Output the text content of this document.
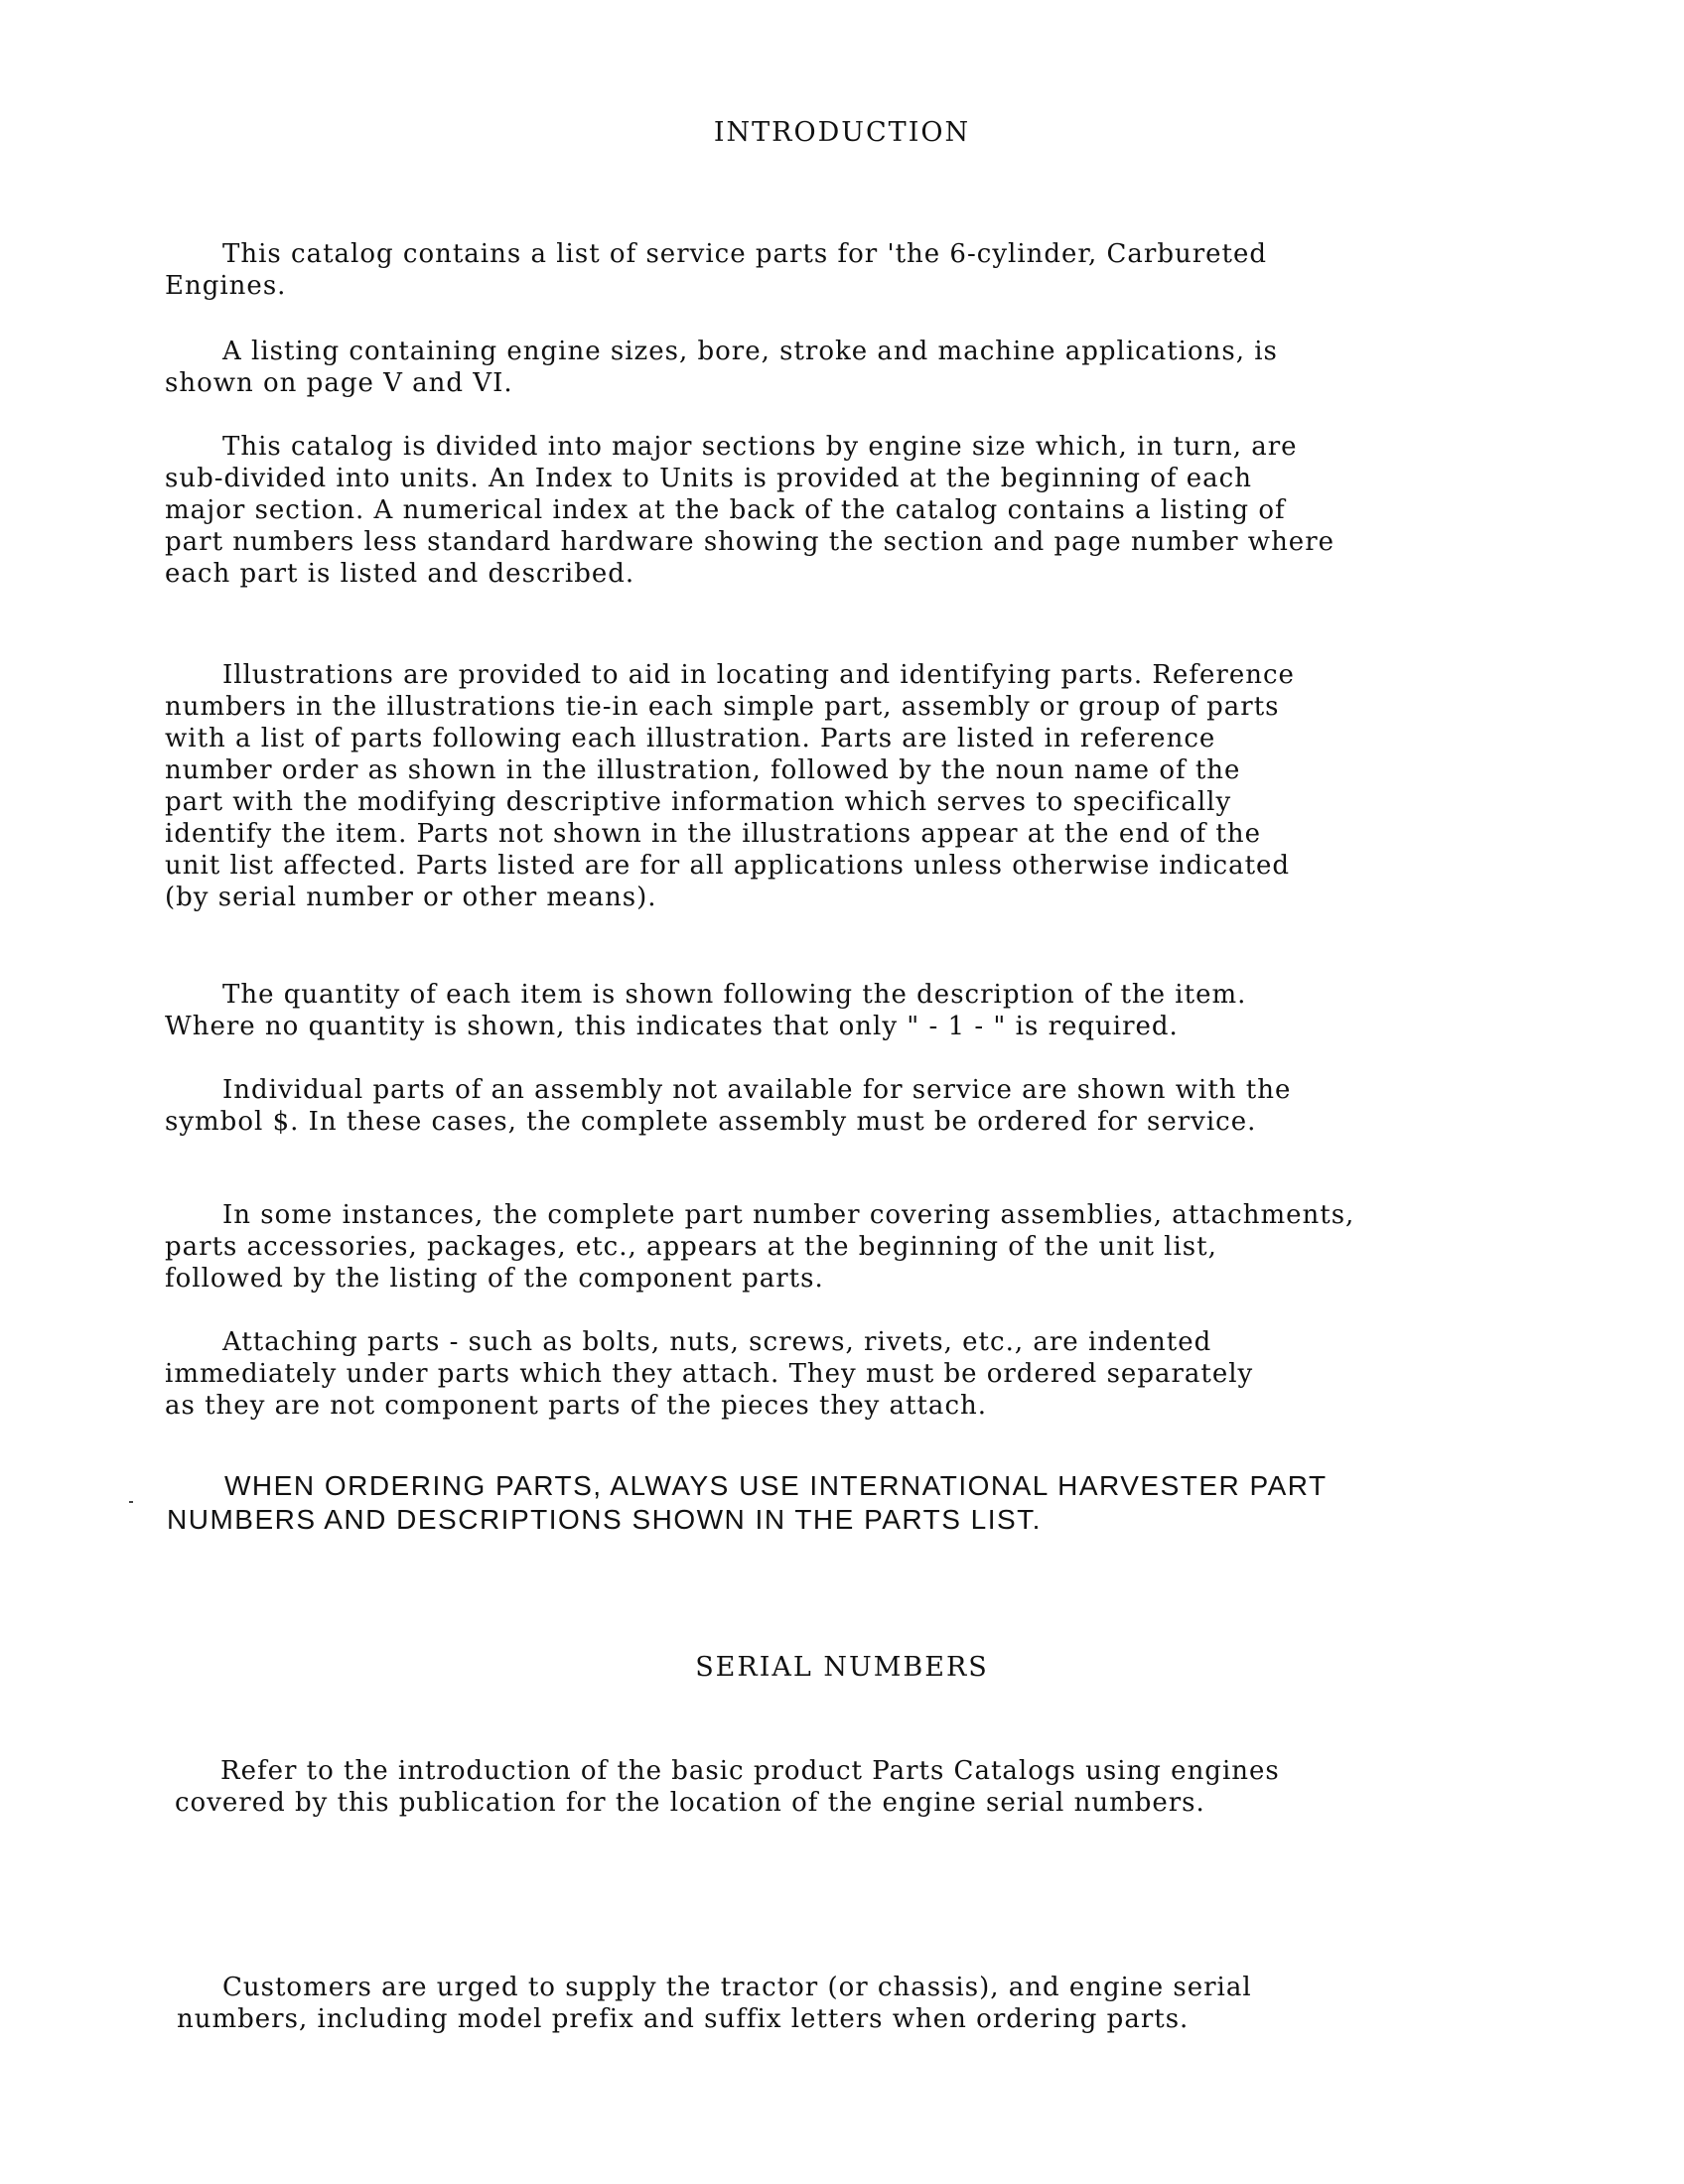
INTRODUCTION

This catalog contains a list of service parts for 'the 6-cylinder, Carbureted
Engines.

A listing containing engine sizes, bore, stroke and machine applications, is
shown on page V and VI.

This catalog is divided into major sections by engine size which, in turn, are
sub-divided into units. An Index to Units is provided at the beginning of each
major section. A numerical index at the back of the catalog contains a listing of
part numbers less standard hardware showing the section and page number where
each part is listed and described.

Illustrations are provided to aid in locating and identifying parts. Reference
numbers in the illustrations tie-in each simple part, assembly or group of parts
with a list of parts following each illustration. Parts are listed in reference
number order as shown in the illustration, followed by the noun name of the
part with the modifying descriptive information which serves to specifically
identify the item. Parts not shown in the illustrations appear at the end of the
unit list affected. Parts listed are for all applications unless otherwise indicated
(by serial number or other means).

The quantity of each item is shown following the description of the item.
Where no quantity is shown, this indicates that only " - 1 - " is required.

Individual parts of an assembly not available for service are shown with the
symbol $. In these cases, the complete assembly must be ordered for service.

In some instances, the complete part number covering assemblies, attachments,
parts accessories, packages, etc., appears at the beginning of the unit list,
followed by the listing of the component parts.

Attaching parts - such as bolts, nuts, screws, rivets, etc., are indented
immediately under parts which they attach. They must be ordered separately
as they are not component parts of the pieces they attach.

WHEN ORDERING PARTS, ALWAYS USE INTERNATIONAL HARVESTER PART
NUMBERS AND DESCRIPTIONS SHOWN IN THE PARTS LIST.

SERIAL NUMBERS

Refer to the introduction of the basic product Parts Catalogs using engines
covered by this publication for the location of the engine serial numbers.

Customers are urged to supply the tractor (or chassis), and engine serial
numbers, including model prefix and suffix letters when ordering parts.
